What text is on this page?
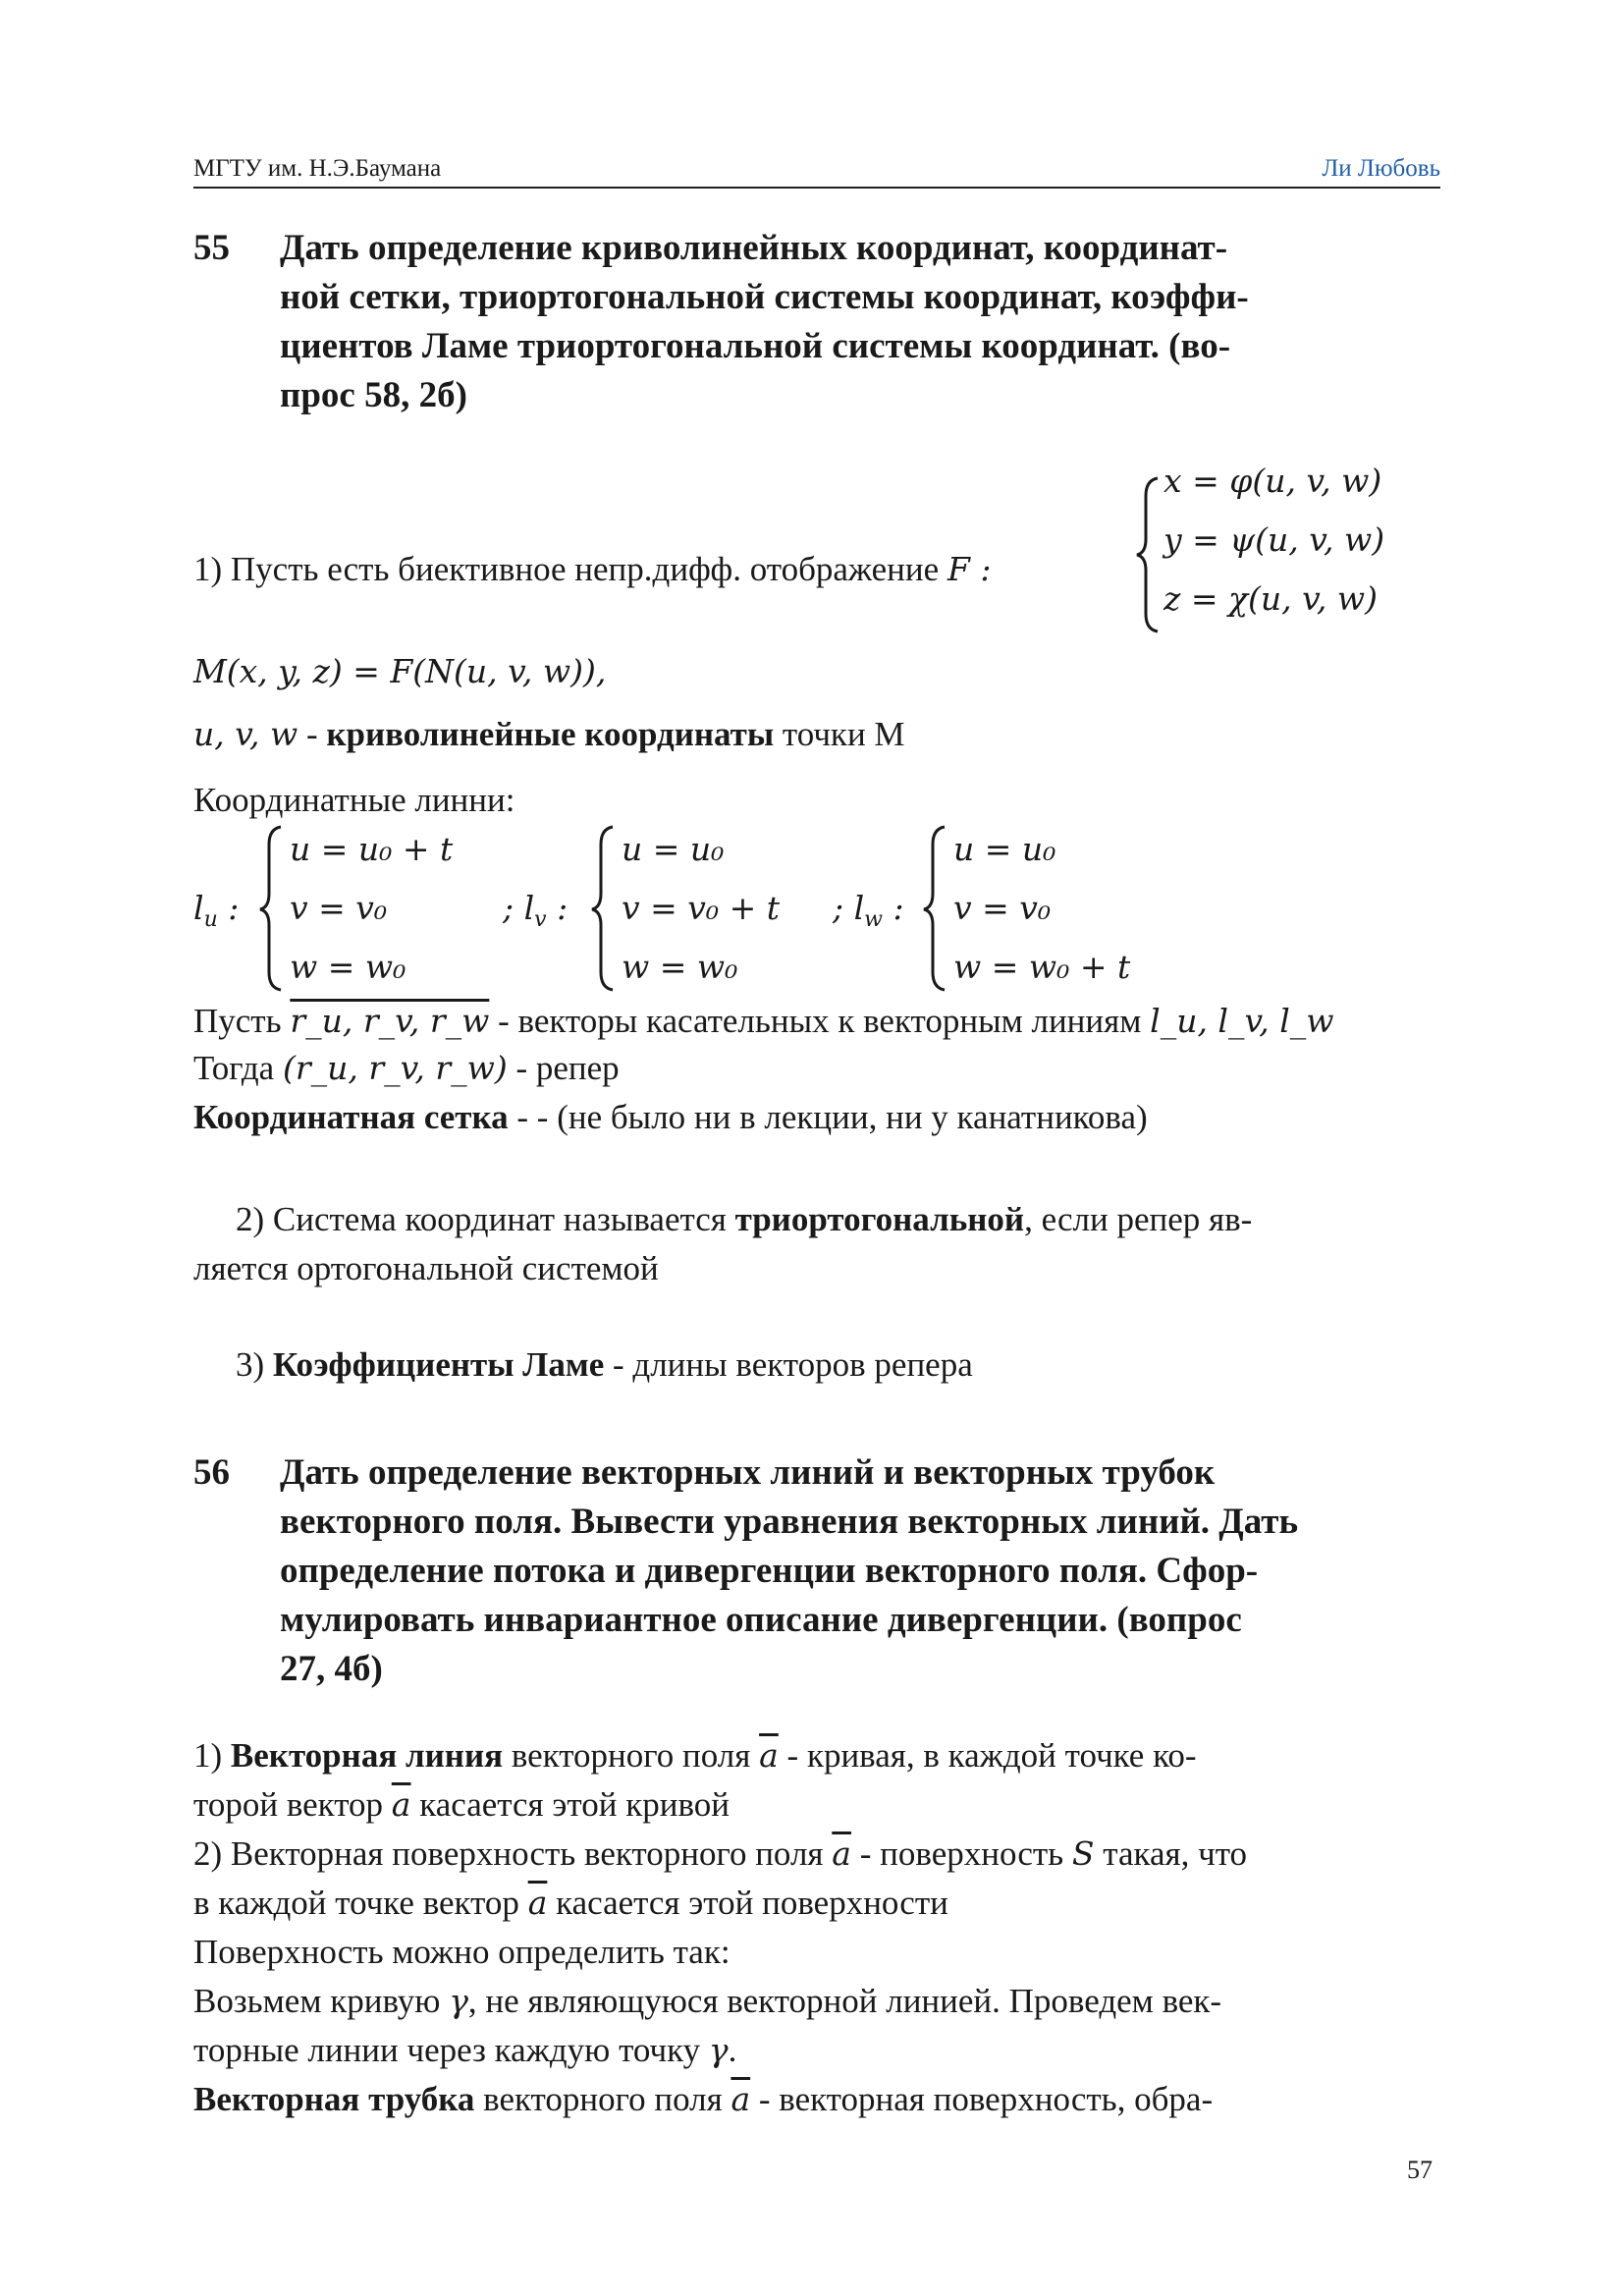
МГТУ им. Н.Э.Баумана	Ли Любовь
55 Дать определение криволинейных координат, координат-
ной сетки, триортогональной системы координат, коэффи-
циентов Ламе триортогональной системы координат. (во-
прос 58, 2б)
1) Пусть есть биективное непр.дифф. отображение F :
x = φ(u, v, w)
y = ψ(u, v, w)
z = χ(u, v, w)
M(x, y, z) = F(N(u, v, w)),
u, v, w - криволинейные координаты точки M
Координатные линни:
$l_u$ :
u = u₀ + t
v = v₀
w = w₀
; $l_v$ :
u = u₀
v = v₀ + t
w = w₀
; $l_w$ :
u = u₀
v = v₀
w = w₀ + t
Пусть r_u, r_v, r_w - векторы касательных к векторным линиям l_u, l_v, l_w
Тогда (r_u, r_v, r_w) - репер
Координатная сетка - - (не было ни в лекции, ни у канатникова)
2) Система координат называется триортогональной, если репер яв-
ляется ортогональной системой
3) Коэффициенты Ламе - длины векторов репера
56 Дать определение векторных линий и векторных трубок
векторного поля. Вывести уравнения векторных линий. Дать
определение потока и дивергенции векторного поля. Сфор-
мулировать инвариантное описание дивергенции. (вопрос
27, 4б)
1) Векторная линия векторного поля $\overline{a}$ - кривая, в каждой точке ко-
торой вектор $\overline{a}$ касается этой кривой
2) Векторная поверхность векторного поля $\overline{a}$ - поверхность S такая, что
в каждой точке вектор $\overline{a}$ касается этой поверхности
Поверхность можно определить так:
Возьмем кривую γ, не являющуюся векторной линией. Проведем век-
торные линии через каждую точку γ.
Векторная трубка векторного поля $\overline{a}$ - векторная поверхность, обра-
57
